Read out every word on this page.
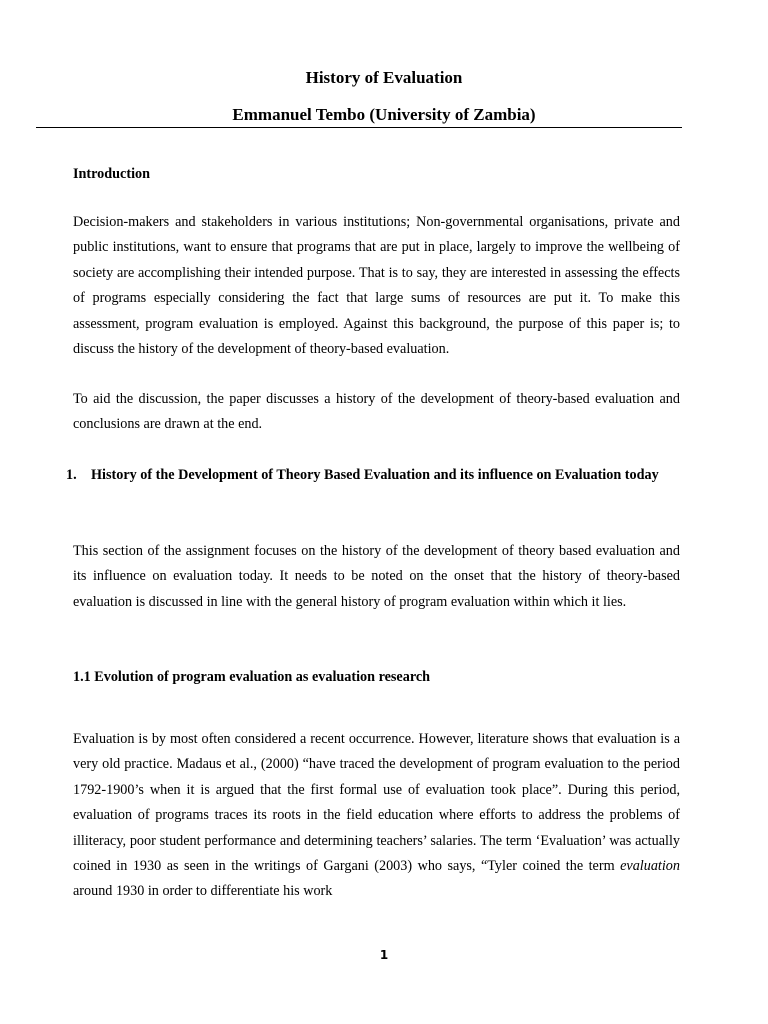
History of Evaluation
Emmanuel Tembo (University of Zambia)
Introduction
Decision-makers and stakeholders in various institutions; Non-governmental organisations, private and public institutions, want to ensure that programs that are put in place, largely to improve the wellbeing of society are accomplishing their intended purpose. That is to say, they are interested in assessing the effects of programs especially considering the fact that large sums of resources are put it. To make this assessment, program evaluation is employed. Against this background, the purpose of this paper is; to discuss the history of the development of theory-based evaluation.
To aid the discussion, the paper discusses a history of the development of theory-based evaluation and conclusions are drawn at the end.
1. History of the Development of Theory Based Evaluation and its influence on Evaluation today
This section of the assignment focuses on the history of the development of theory based evaluation and its influence on evaluation today. It needs to be noted on the onset that the history of theory-based evaluation is discussed in line with the general history of program evaluation within which it lies.
1.1 Evolution of program evaluation as evaluation research
Evaluation is by most often considered a recent occurrence. However, literature shows that evaluation is a very old practice. Madaus et al., (2000) “have traced the development of program evaluation to the period 1792-1900’s when it is argued that the first formal use of evaluation took place”. During this period, evaluation of programs traces its roots in the field education where efforts to address the problems of illiteracy, poor student performance and determining teachers’ salaries. The term ‘Evaluation’ was actually coined in 1930 as seen in the writings of Gargani (2003) who says, “Tyler coined the term evaluation around 1930 in order to differentiate his work
1
